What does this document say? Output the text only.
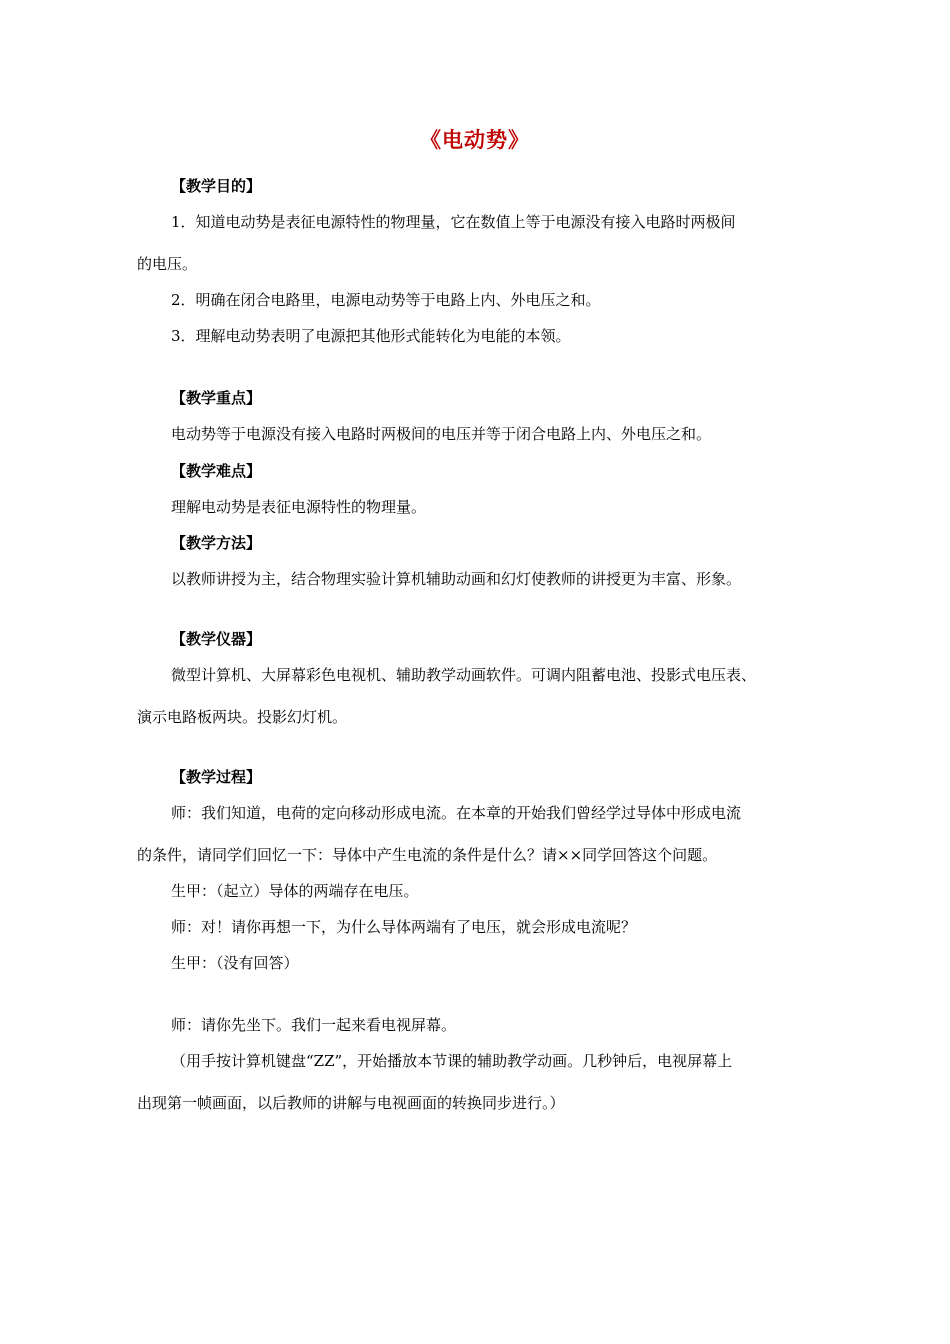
《电动势》
【教学目的】
1．知道电动势是表征电源特性的物理量，它在数值上等于电源没有接入电路时两极间
的电压。
2．明确在闭合电路里，电源电动势等于电路上内、外电压之和。
3．理解电动势表明了电源把其他形式能转化为电能的本领。
【教学重点】
电动势等于电源没有接入电路时两极间的电压并等于闭合电路上内、外电压之和。
【教学难点】
理解电动势是表征电源特性的物理量。
【教学方法】
以教师讲授为主，结合物理实验计算机辅助动画和幻灯使教师的讲授更为丰富、形象。
【教学仪器】
微型计算机、大屏幕彩色电视机、辅助教学动画软件。可调内阻蓄电池、投影式电压表、
演示电路板两块。投影幻灯机。
【教学过程】
师：我们知道，电荷的定向移动形成电流。在本章的开始我们曾经学过导体中形成电流
的条件，请同学们回忆一下：导体中产生电流的条件是什么？请××同学回答这个问题。
生甲：（起立）导体的两端存在电压。
师：对！请你再想一下，为什么导体两端有了电压，就会形成电流呢？
生甲：（没有回答）
师：请你先坐下。我们一起来看电视屏幕。
（用手按计算机键盘“ZZ”，开始播放本节课的辅助教学动画。几秒钟后，电视屏幕上
出现第一帧画面，以后教师的讲解与电视画面的转换同步进行。）
